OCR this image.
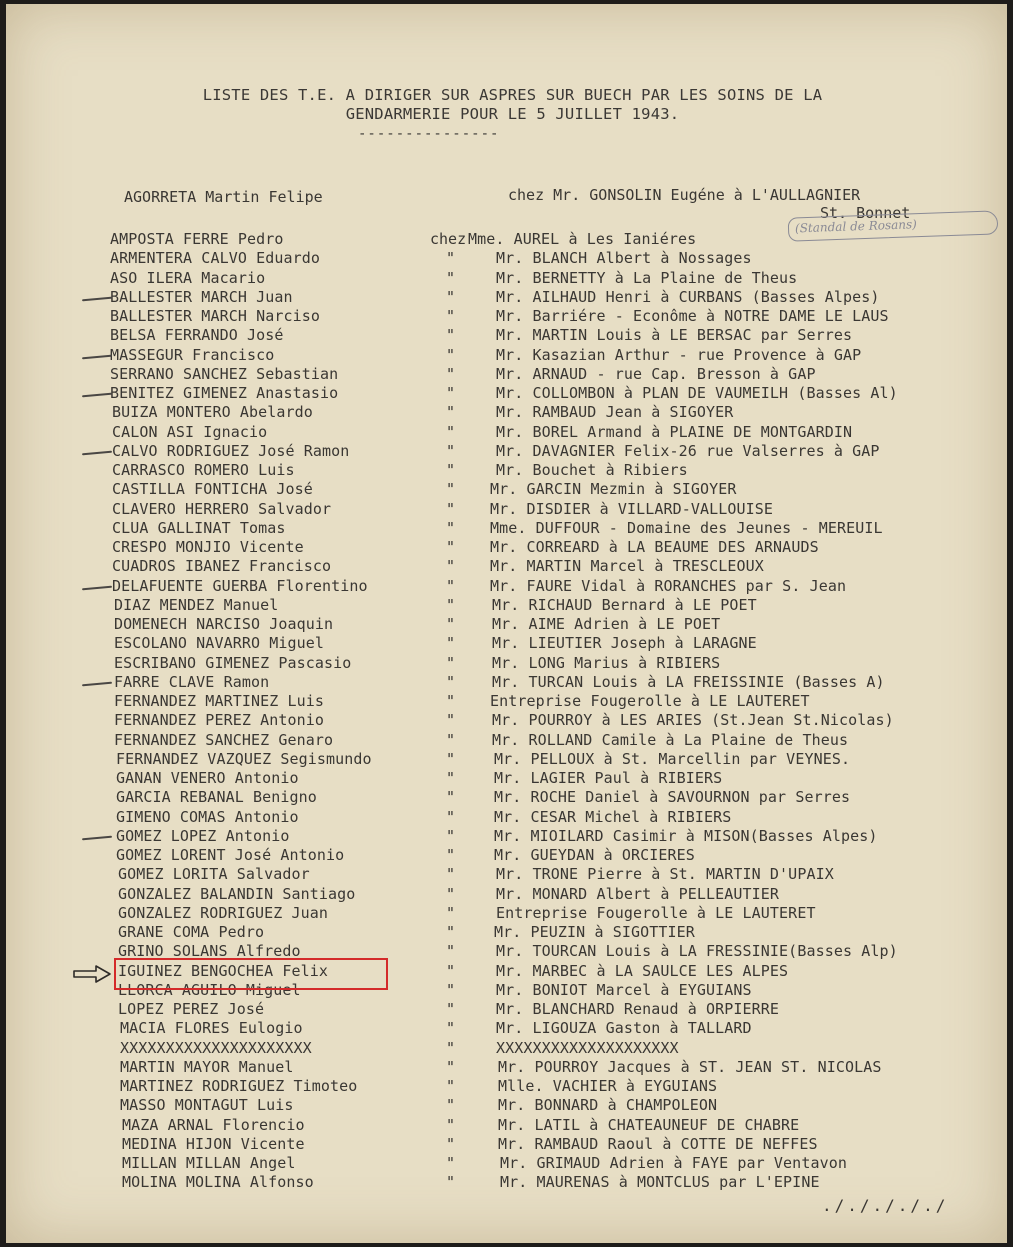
LISTE DES T.E. A DIRIGER SUR ASPRES SUR BUECH PAR LES SOINS DE LA
GENDARMERIE POUR LE 5 JUILLET 1943.
---------------
AGORRETA Martin Felipe	chez Mr. GONSOLIN Eugéne à L'AULLAGNIER
St. Bonnet
(Standal de Rosans)
AMPOSTA FERRE Pedro	chez Mme. AUREL à Les Ianiéres
ARMENTERA CALVO Eduardo	"	Mr. BLANCH Albert à Nossages
ASO ILERA Macario	"	Mr. BERNETTY à La Plaine de Theus
BALLESTER MARCH Juan	"	Mr. AILHAUD Henri à CURBANS (Basses Alpes)
BALLESTER MARCH Narciso	"	Mr. Barriére - Econôme à NOTRE DAME LE LAUS
BELSA FERRANDO José	"	Mr. MARTIN Louis à LE BERSAC par Serres
MASSEGUR Francisco	"	Mr. Kasazian Arthur - rue Provence à GAP
SERRANO SANCHEZ Sebastian	"	Mr. ARNAUD - rue Cap. Bresson à GAP
BENITEZ GIMENEZ Anastasio	"	Mr. COLLOMBON à PLAN DE VAUMEILH (Basses Al)
BUIZA MONTERO Abelardo	"	Mr. RAMBAUD Jean à SIGOYER
CALON ASI Ignacio	"	Mr. BOREL Armand à PLAINE DE MONTGARDIN
CALVO RODRIGUEZ José Ramon	"	Mr. DAVAGNIER Felix-26 rue Valserres à GAP
CARRASCO ROMERO Luis	"	Mr. Bouchet à Ribiers
CASTILLA FONTICHA José	" Mr. GARCIN Mezmin à SIGOYER
CLAVERO HERRERO Salvador	" Mr. DISDIER à VILLARD-VALLOUISE
CLUA GALLINAT Tomas	" Mme. DUFFOUR - Domaine des Jeunes - MEREUIL
CRESPO MONJIO Vicente	" Mr. CORREARD à LA BEAUME DES ARNAUDS
CUADROS IBANEZ Francisco	" Mr. MARTIN Marcel à TRESCLEOUX
DELAFUENTE GUERBA Florentino	" Mr. FAURE Vidal à RORANCHES par S. Jean
DIAZ MENDEZ Manuel	" Mr. RICHAUD Bernard à LE POET
DOMENECH NARCISO Joaquin	" Mr. AIME Adrien à LE POET
ESCOLANO NAVARRO Miguel	" Mr. LIEUTIER Joseph à LARAGNE
ESCRIBANO GIMENEZ Pascasio	" Mr. LONG Marius à RIBIERS
FARRE CLAVE Ramon	" Mr. TURCAN Louis à LA FREISSINIE (Basses A)
FERNANDEZ MARTINEZ Luis	" Entreprise Fougerolle à LE LAUTERET
FERNANDEZ PEREZ Antonio	" Mr. POURROY à LES ARIES (St.Jean St.Nicolas)
FERNANDEZ SANCHEZ Genaro	" Mr. ROLLAND Camile à La Plaine de Theus
FERNANDEZ VAZQUEZ Segismundo	"	Mr. PELLOUX à St. Marcellin par VEYNES.
GANAN VENERO Antonio	"	Mr. LAGIER Paul à RIBIERS
GARCIA REBANAL Benigno	"	Mr. ROCHE Daniel à SAVOURNON par Serres
GIMENO COMAS Antonio	"	Mr. CESAR Michel à RIBIERS
GOMEZ LOPEZ Antonio	"	Mr. MIOILARD Casimir à MISON(Basses Alpes)
GOMEZ LORENT José Antonio	"	Mr. GUEYDAN à ORCIERES
GOMEZ LORITA Salvador	"	Mr. TRONE Pierre à St. MARTIN D'UPAIX
GONZALEZ BALANDIN Santiago	"	Mr. MONARD Albert à PELLEAUTIER
GONZALEZ RODRIGUEZ Juan	"	Entreprise Fougerolle à LE LAUTERET
GRANE COMA Pedro	"	Mr. PEUZIN à SIGOTTIER
GRINO SOLANS Alfredo	"	Mr. TOURCAN Louis à LA FRESSINIE(Basses Alp)
IGUINEZ BENGOCHEA Felix	"	Mr. MARBEC à LA SAULCE LES ALPES
LLORCA AGUILO Miguel	"	Mr. BONIOT Marcel à EYGUIANS
LOPEZ PEREZ José	"	Mr. BLANCHARD Renaud à ORPIERRE
MACIA FLORES Eulogio	"	Mr. LIGOUZA Gaston à TALLARD
XXXXXXXXXXXXXXXXXXXXX	"	XXXXXXXXXXXXXXXXXXXX
MARTIN MAYOR Manuel	"	Mr. POURROY Jacques à ST. JEAN ST. NICOLAS
MARTINEZ RODRIGUEZ Timoteo	"	Mlle. VACHIER à EYGUIANS
MASSO MONTAGUT Luis	"	Mr. BONNARD à CHAMPOLEON
MAZA ARNAL Florencio	"	Mr. LATIL à CHATEAUNEUF DE CHABRE
MEDINA HIJON Vicente	"	Mr. RAMBAUD Raoul à COTTE DE NEFFES
MILLAN MILLAN Angel	"	Mr. GRIMAUD Adrien à FAYE par Ventavon
MOLINA MOLINA Alfonso	"	Mr. MAURENAS à MONTCLUS par L'EPINE
./././././
